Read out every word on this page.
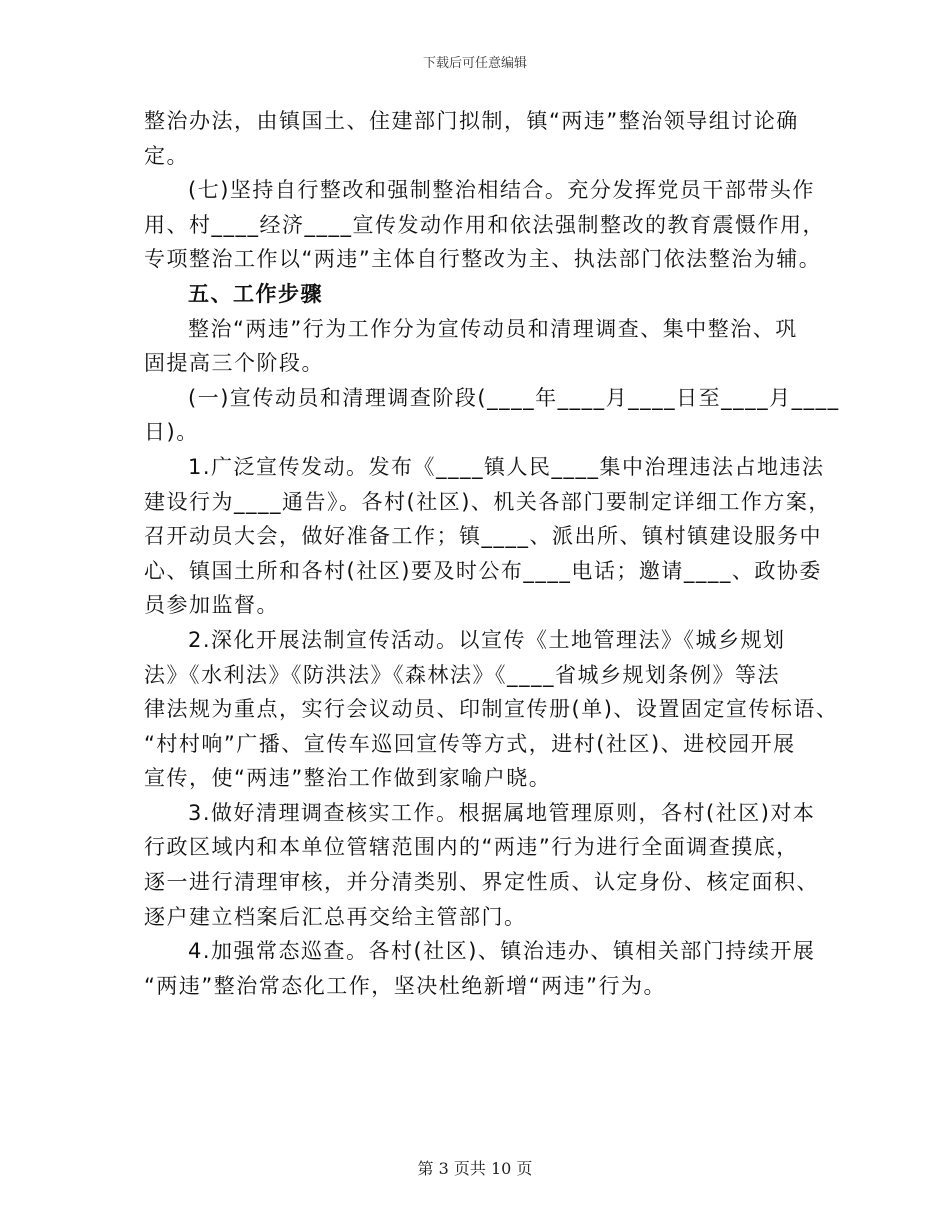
下载后可任意编辑
整治办法，由镇国土、住建部门拟制，镇“两违”整治领导组讨论确
定。
(七)坚持自行整改和强制整治相结合。充分发挥党员干部带头作
用、村____经济____宣传发动作用和依法强制整改的教育震慑作用，
专项整治工作以“两违”主体自行整改为主、执法部门依法整治为辅。
五、工作步骤
整治“两违”行为工作分为宣传动员和清理调查、集中整治、巩
固提高三个阶段。
(一)宣传动员和清理调查阶段(____年____月____日至____月____
日)。
1.广泛宣传发动。发布《____镇人民____集中治理违法占地违法
建设行为____通告》。各村(社区)、机关各部门要制定详细工作方案，
召开动员大会，做好准备工作；镇____、派出所、镇村镇建设服务中
心、镇国土所和各村(社区)要及时公布____电话；邀请____、政协委
员参加监督。
2.深化开展法制宣传活动。以宣传《土地管理法》《城乡规划
法》《水利法》《防洪法》《森林法》《____省城乡规划条例》等法
律法规为重点，实行会议动员、印制宣传册(单)、设置固定宣传标语、
“村村响”广播、宣传车巡回宣传等方式，进村(社区)、进校园开展
宣传，使“两违”整治工作做到家喻户晓。
3.做好清理调查核实工作。根据属地管理原则，各村(社区)对本
行政区域内和本单位管辖范围内的“两违”行为进行全面调查摸底，
逐一进行清理审核，并分清类别、界定性质、认定身份、核定面积、
逐户建立档案后汇总再交给主管部门。
4.加强常态巡查。各村(社区)、镇治违办、镇相关部门持续开展
“两违”整治常态化工作，坚决杜绝新增“两违”行为。
第 3 页共 10 页
